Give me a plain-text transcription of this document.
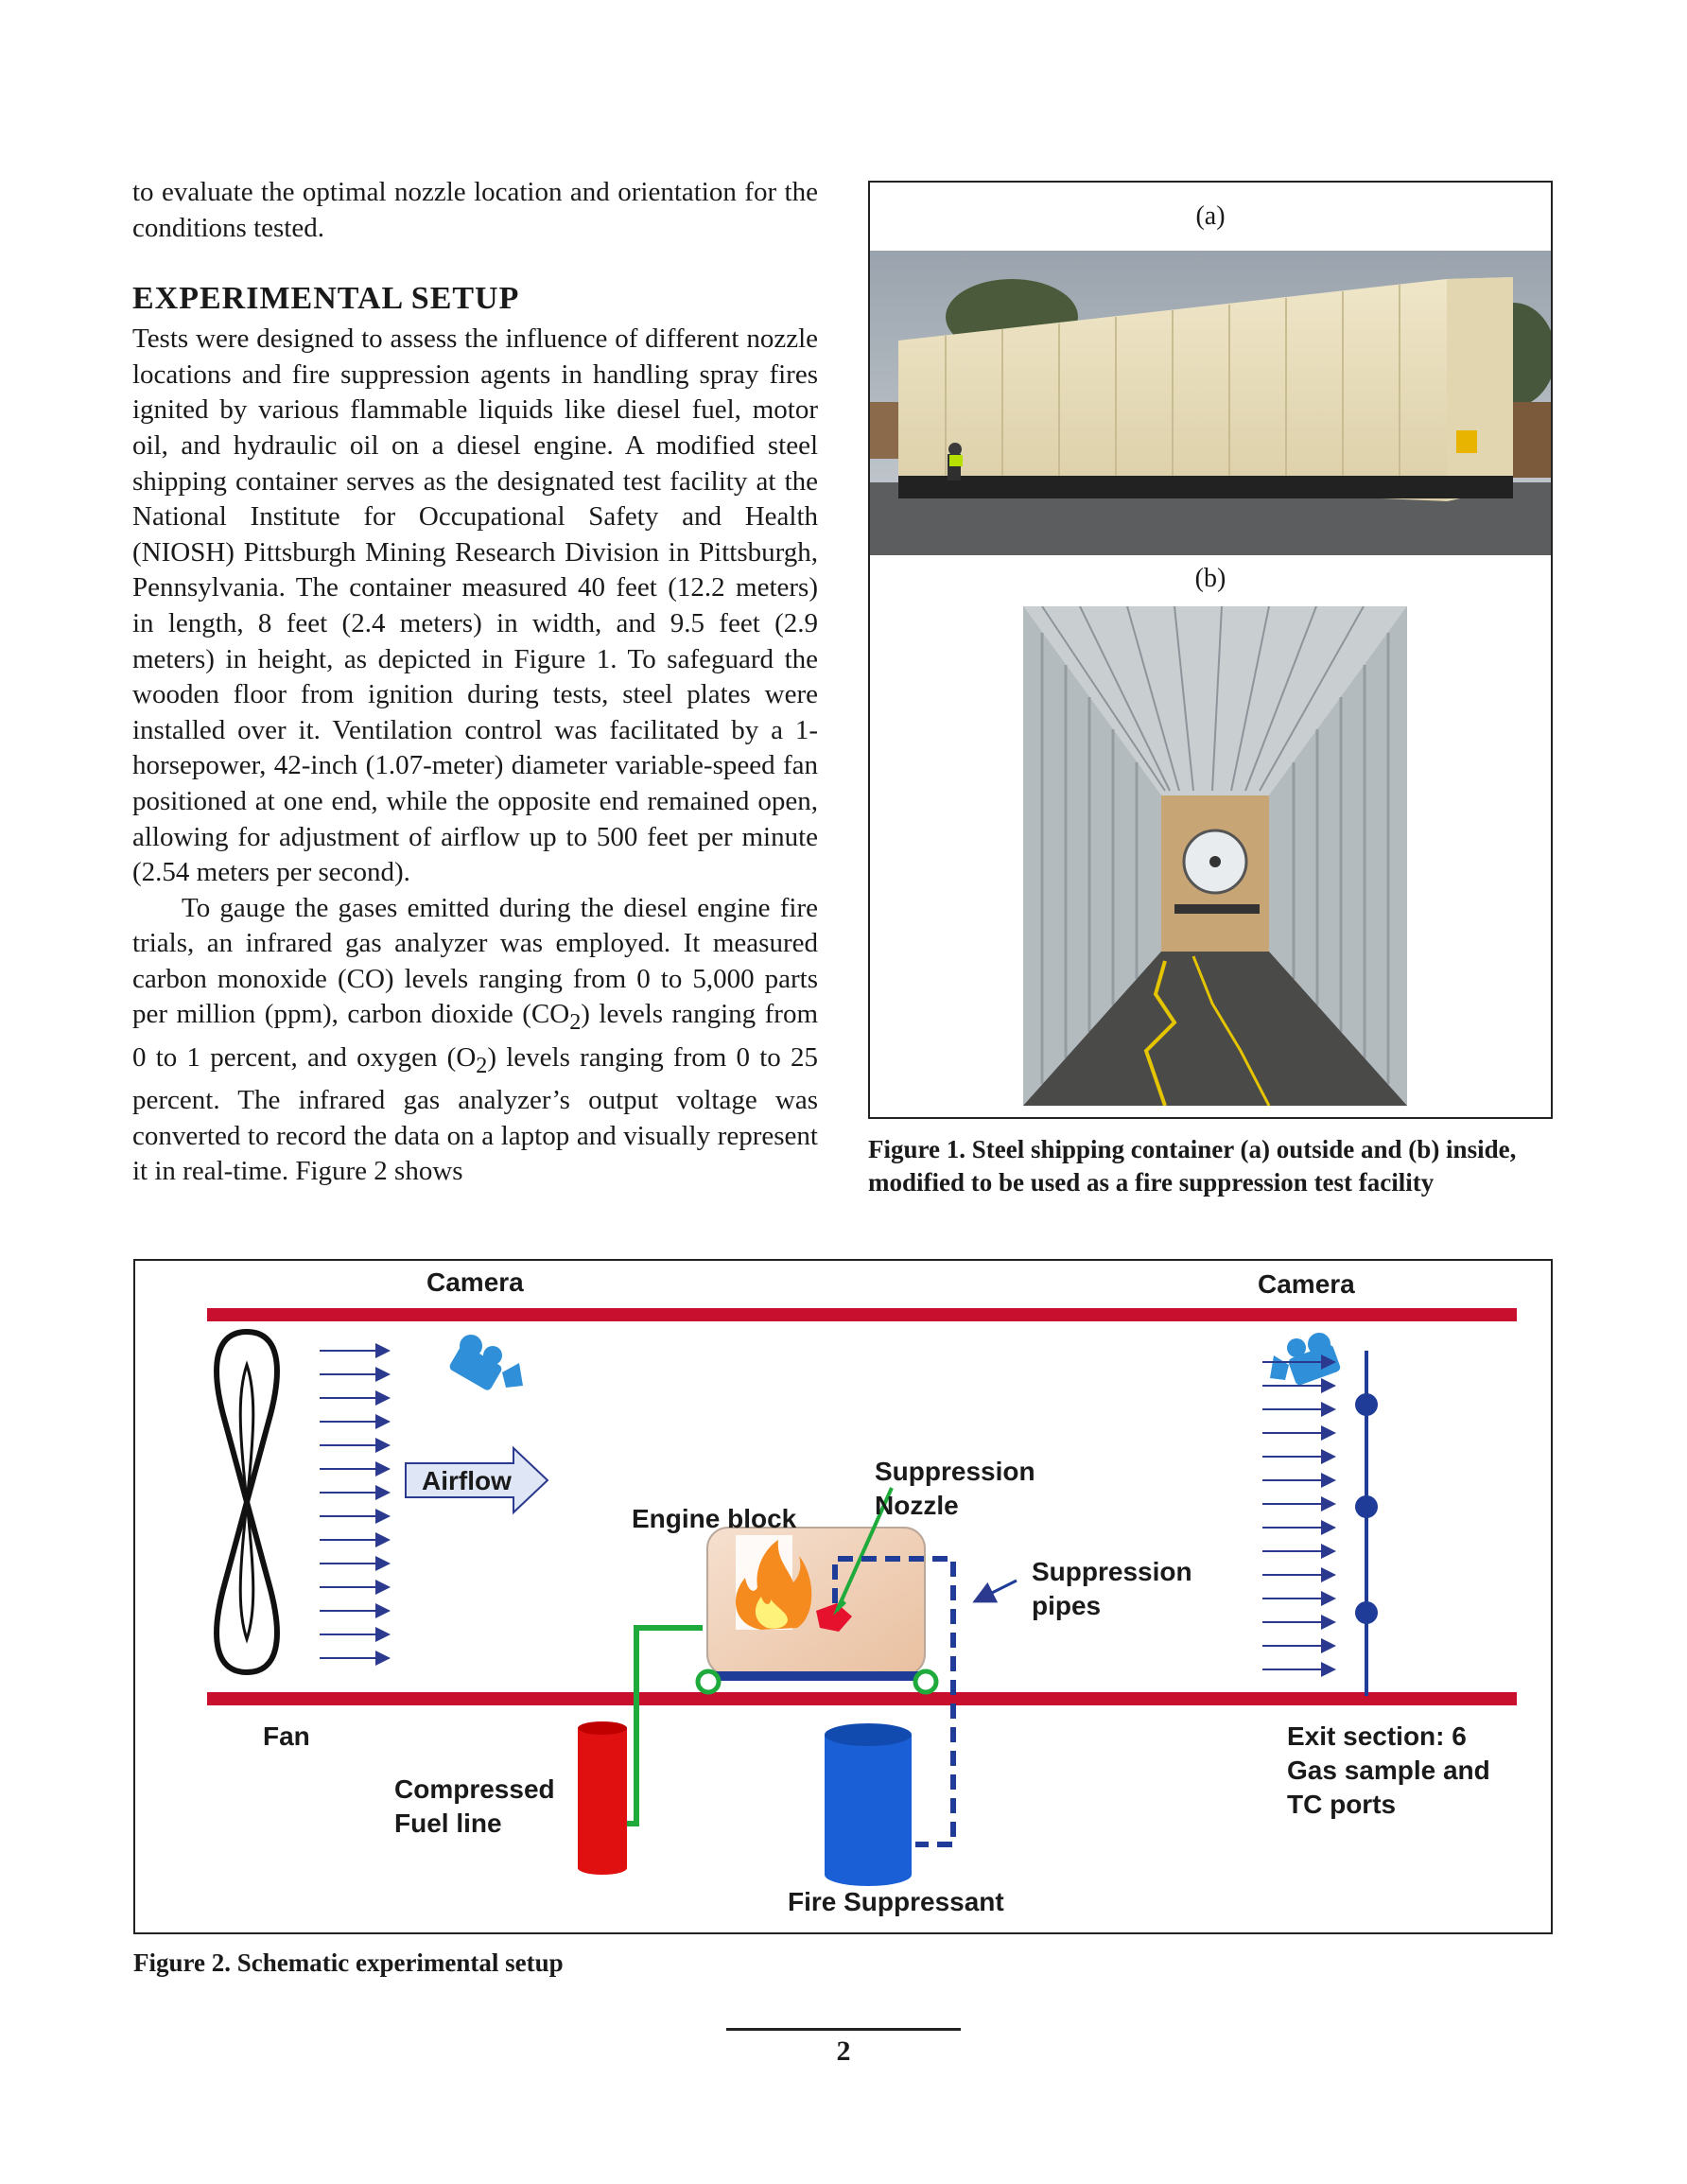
to evaluate the optimal nozzle location and orientation for the conditions tested.

EXPERIMENTAL SETUP

Tests were designed to assess the influence of different nozzle locations and fire suppression agents in handling spray fires ignited by various flammable liquids like diesel fuel, motor oil, and hydraulic oil on a diesel engine. A modified steel shipping container serves as the designated test facility at the National Institute for Occupational Safety and Health (NIOSH) Pittsburgh Mining Research Division in Pittsburgh, Pennsylvania. The container measured 40 feet (12.2 meters) in length, 8 feet (2.4 meters) in width, and 9.5 feet (2.9 meters) in height, as depicted in Figure 1. To safeguard the wooden floor from ignition during tests, steel plates were installed over it. Ventilation control was facilitated by a 1-horsepower, 42-inch (1.07-meter) diameter variable-speed fan positioned at one end, while the opposite end remained open, allowing for adjustment of airflow up to 500 feet per minute (2.54 meters per second).

To gauge the gases emitted during the diesel engine fire trials, an infrared gas analyzer was employed. It measured carbon monoxide (CO) levels ranging from 0 to 5,000 parts per million (ppm), carbon dioxide $(CO_2)$ levels ranging from 0 to 1 percent, and oxygen $(O_2)$ levels ranging from 0 to 25 percent. The infrared gas analyzer’s output voltage was converted to record the data on a laptop and visually represent it in real-time. Figure 2 shows

(a)
(b)
Figure 1. Steel shipping container (a) outside and (b) inside, modified to be used as a fire suppression test facility
Airflow
Camera	Camera
Engine block
Suppression
Nozzle
Suppression
pipes
Fan
Compressed
Fuel line
Fire Suppressant
Exit section: 6
Gas sample and
TC ports
Figure 2. Schematic experimental setup
2
